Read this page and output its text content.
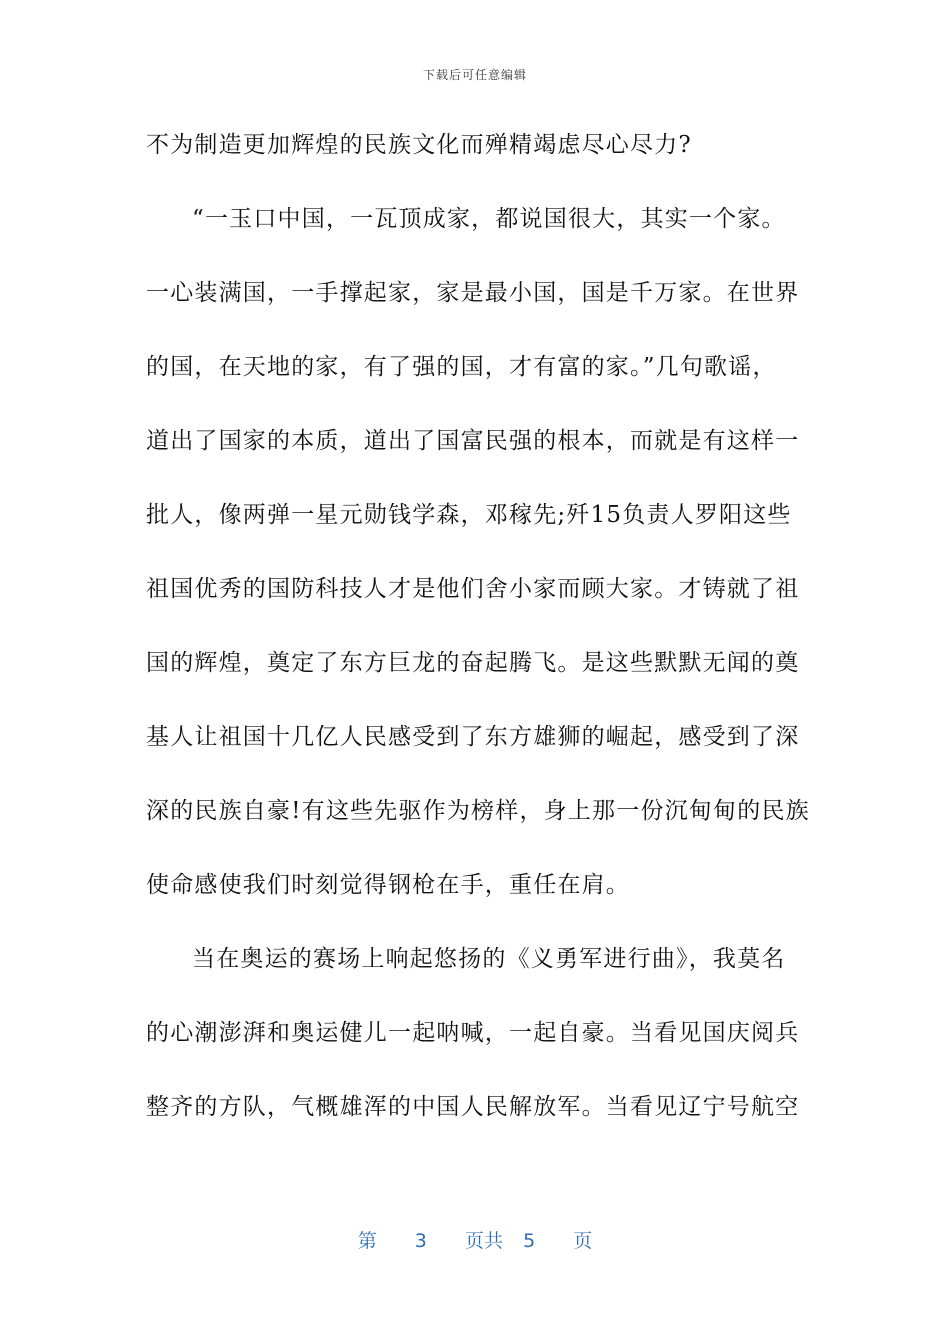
下载后可任意编辑
不为制造更加辉煌的民族文化而殚精竭虑尽心尽力?
“一玉口中国，一瓦顶成家，都说国很大，其实一个家。
一心装满国，一手撑起家，家是最小国，国是千万家。在世界
的国，在天地的家，有了强的国，才有富的家。”几句歌谣，
道出了国家的本质，道出了国富民强的根本，而就是有这样一
批人，像两弹一星元勋钱学森，邓稼先;歼15负责人罗阳这些
祖国优秀的国防科技人才是他们舍小家而顾大家。才铸就了祖
国的辉煌，奠定了东方巨龙的奋起腾飞。是这些默默无闻的奠
基人让祖国十几亿人民感受到了东方雄狮的崛起，感受到了深
深的民族自豪!有这些先驱作为榜样，身上那一份沉甸甸的民族
使命感使我们时刻觉得钢枪在手，重任在肩。
当在奥运的赛场上响起悠扬的《义勇军进行曲》，我莫名
的心潮澎湃和奥运健儿一起呐喊，一起自豪。当看见国庆阅兵
整齐的方队，气概雄浑的中国人民解放军。当看见辽宁号航空
第 3 页共 5 页
